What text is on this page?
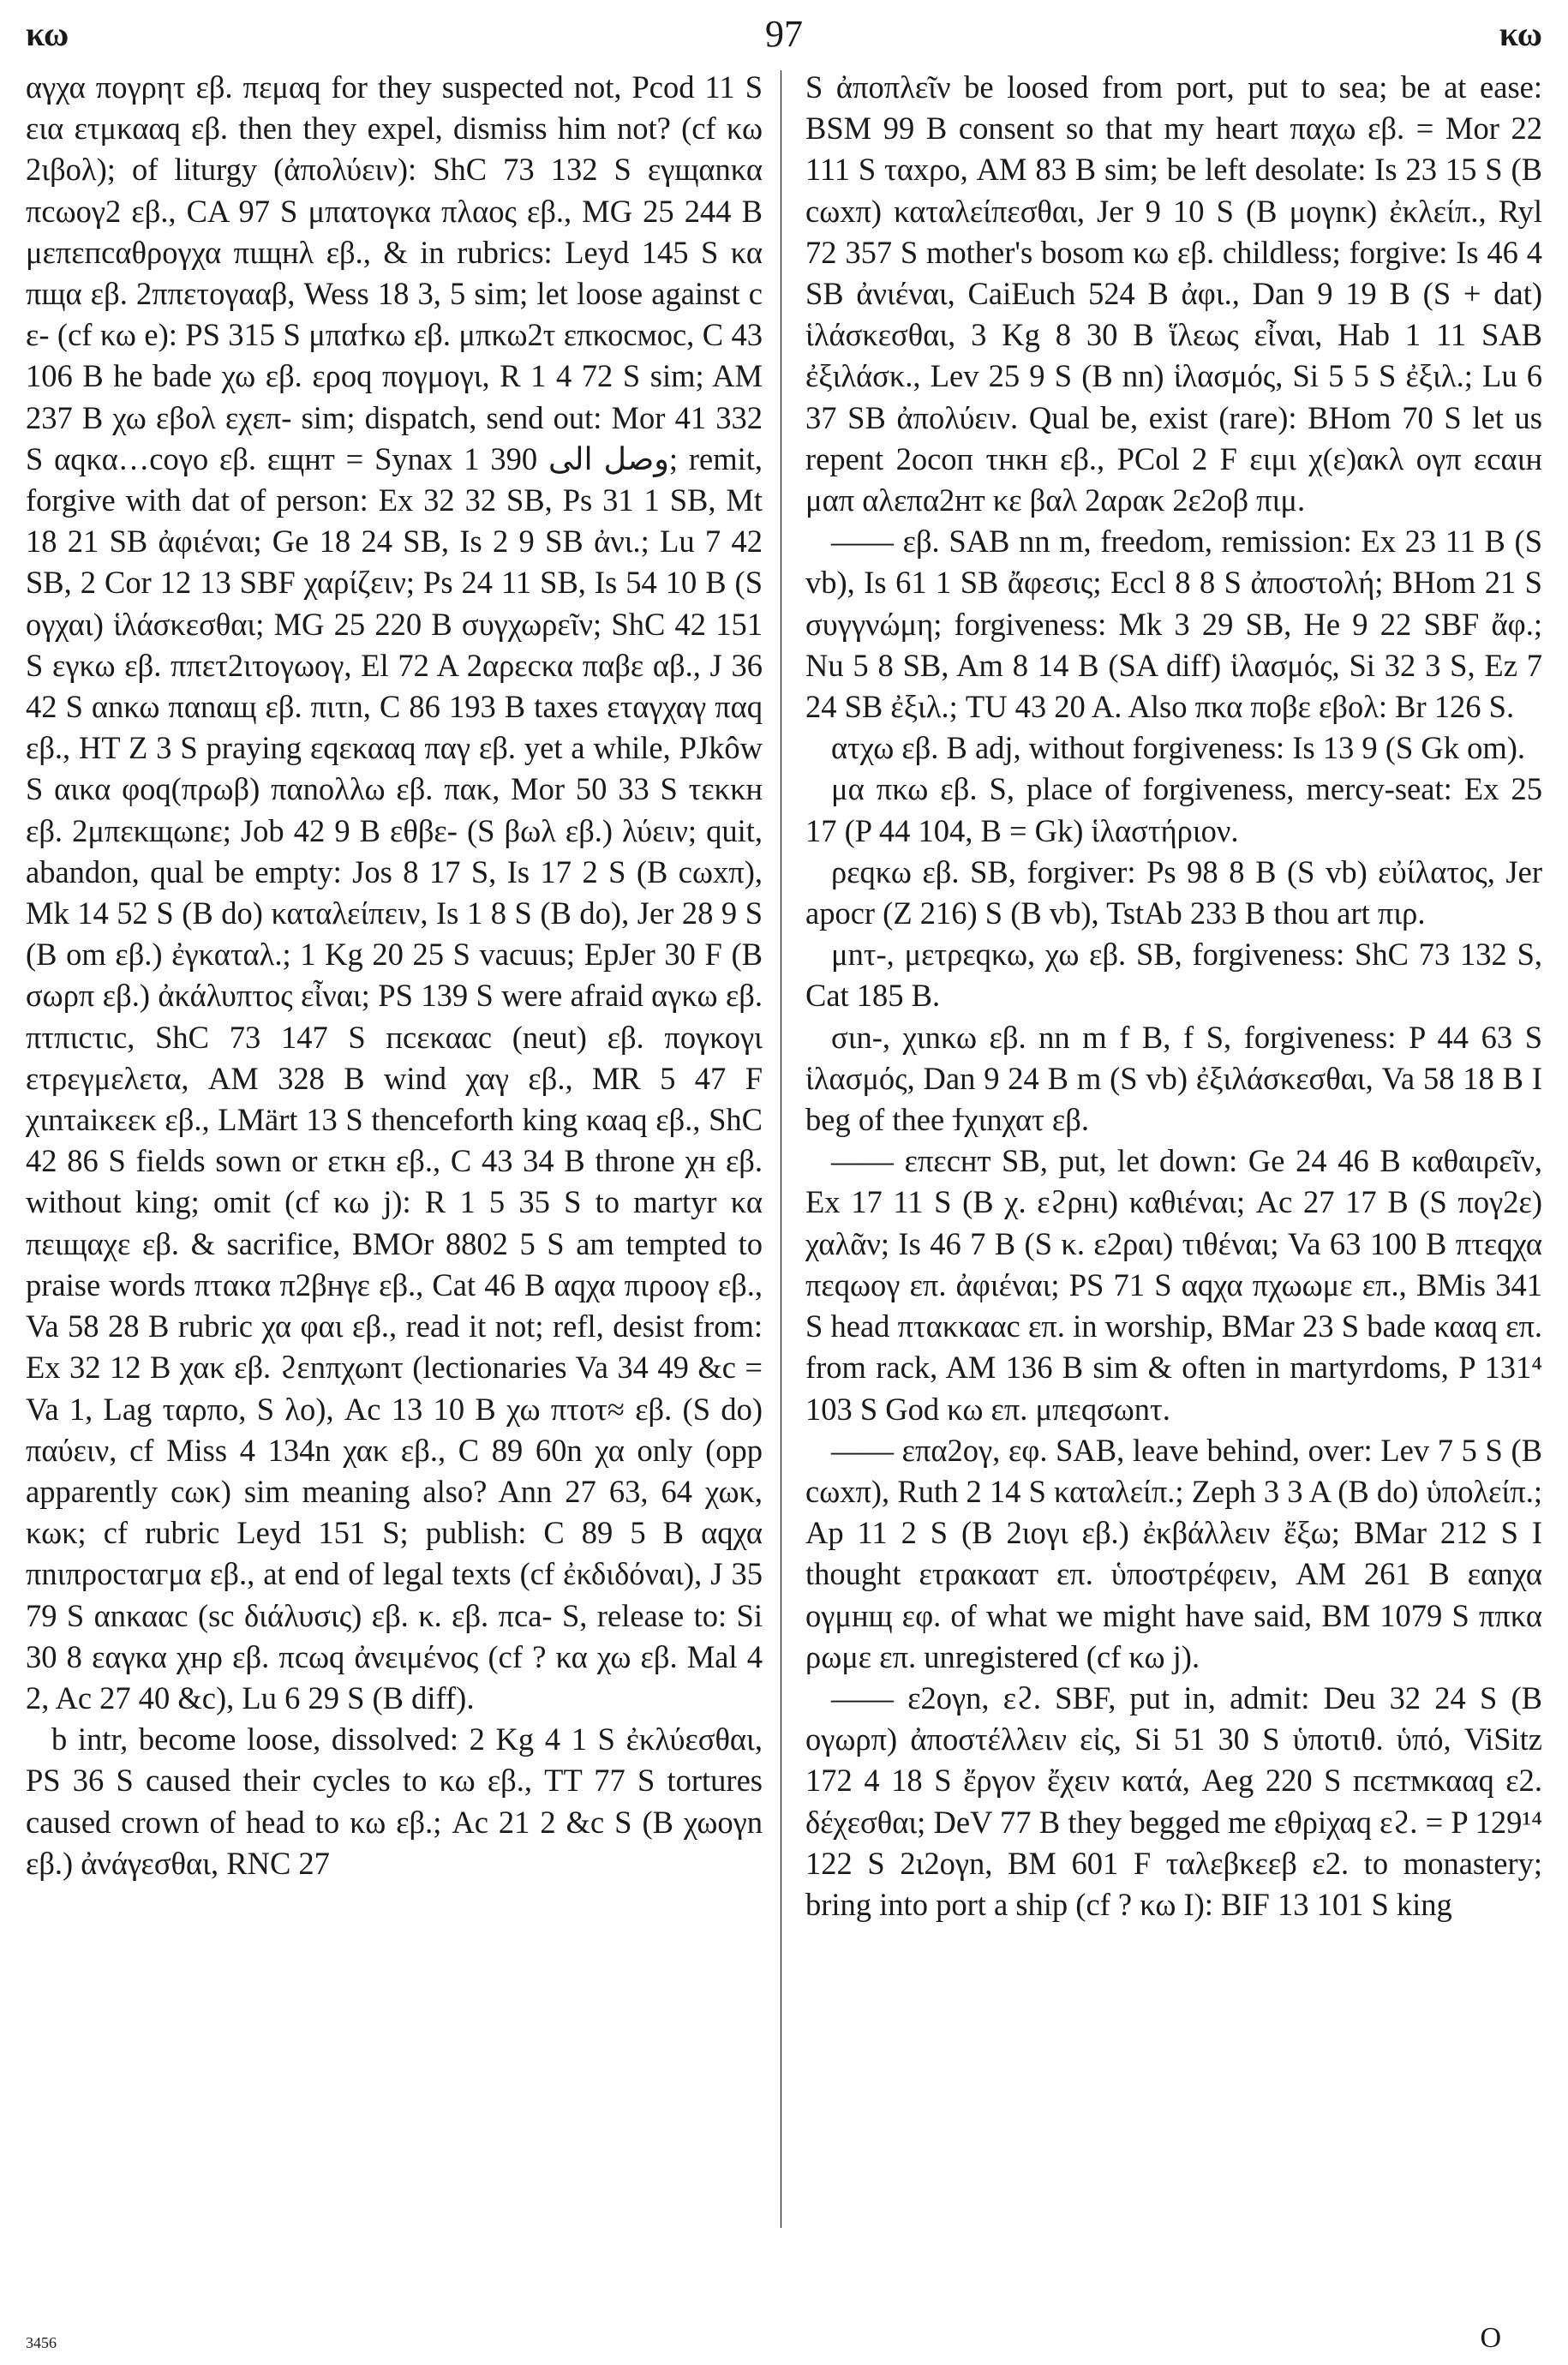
κω	97	κω

αγχα πογρητ εβ. πεμαq for they suspected not, Pcod 11 S εια ετμκααq εβ. then they expel, dismiss him not? (cf κω 2ιβολ); of liturgy (ἀπολύειν): ShC 73 132 S εγщαnκα πcωογ2 εβ., CA 97 S μπατογκα πλαος εβ., MG 25 244 B μεπεпсαθρογχα πιщнλ εβ., & in rubrics: Leyd 145 S κα πщα εβ. 2ππετογααβ, Wess 18 3, 5 sim; let loose against c ε- (cf κω e): PS 315 S μπαϯκω εβ. μπκω2τ επκοсмοc, C 43 106 B he bade χω εβ. εροq πογμογι, R 1 4 72 S sim; AM 237 B χω εβολ εχεπ- sim; dispatch, send out: Mor 41 332 S αqκα…coγo εβ. εщнт = Synax 1 390 وصل الى; remit, forgive with dat of person: Ex 32 32 SB, Ps 31 1 SB, Mt 18 21 SB ἀφιέναι; Ge 18 24 SB, Is 2 9 SB ἀνι.; Lu 7 42 SB, 2 Cor 12 13 SBF χαρίζειν; Ps 24 11 SB, Is 54 10 B (S ογχαι) ἱλάσκεσθαι; MG 25 220 B συγχωρεῖν; ShC 42 151 S εγκω εβ. ππετ2ιτογωογ, El 72 A 2αρεсκα παβε αβ., J 36 42 S αnκω παnαщ εβ. πιτn, C 86 193 B taxes εταγχαγ παq εβ., HT Z 3 S praying εqεκααq παγ εβ. yet a while, PJkôw S αικα φοq(πρωβ) παnολλω εβ. πακ, Mor 50 33 S τεκκн εβ. 2μπεκщωnε; Job 42 9 B εθβε- (S βωλ εβ.) λύειν; quit, abandon, qual be empty: Jos 8 17 S, Is 17 2 S (B cωxπ), Mk 14 52 S (B do) καταλείπειν, Is 1 8 S (B do), Jer 28 9 S (B om εβ.) ἐγκαταλ.; 1 Kg 20 25 S vacuus; EpJer 30 F (B σωρπ εβ.) ἀκάλυπτος εἶναι; PS 139 S were afraid αγκω εβ. πτπιсτιс, ShC 73 147 S псεκααс (neut) εβ. πογκογι ετρεγμελετα, AM 328 B wind χαγ εβ., MR 5 47 F χιnτaiκεεκ εβ., LMärt 13 S thenceforth king καaq εβ., ShC 42 86 S fields sown or ετκн εβ., C 43 34 B throne χн εβ. without king; omit (cf κω j): R 1 5 35 S to martyr κα πειщαχε εβ. & sacrifice, BMOr 8802 5 S am tempted to praise words πτακα π2βнγε εβ., Cat 46 B αqχα πιροογ εβ., Va 58 28 B rubric χα φαι εβ., read it not; refl, desist from: Ex 32 12 B χακ εβ. ϩεnπχωnτ (lectionaries Va 34 49 &c = Va 1, Lag ταρπο, S λο), Ac 13 10 B χω πτοτ≈ εβ. (S do) παύειν, cf Miss 4 134n χακ εβ., C 89 60n χα only (opp apparently cωκ) sim meaning also? Ann 27 63, 64 χωκ, κωκ; cf rubric Leyd 151 S; publish: C 89 5 B αqχα πnιπροсταгμα εβ., at end of legal texts (cf ἐκδιδόναι), J 35 79 S αnκααс (sc διάλυσις) εβ. κ. εβ. πca- S, release to: Si 30 8 εαγκα χнρ εβ. πcωq ἀνειμένος (cf ? κα χω εβ. Mal 4 2, Ac 27 40 &c), Lu 6 29 S (B diff).

b intr, become loose, dissolved: 2 Kg 4 1 S ἐκλύεσθαι, PS 36 S caused their cycles to κω εβ., TT 77 S tortures caused crown of head to κω εβ.; Ac 21 2 &c S (B χωογn εβ.) ἀνάγεσθαι, RNC 27

S ἀποπλεῖν be loosed from port, put to sea; be at ease: BSM 99 B consent so that my heart παχω εβ. = Mor 22 111 S ταxρο, AM 83 B sim; be left desolate: Is 23 15 S (B cωxπ) καταλείπεσθαι, Jer 9 10 S (B μογnκ) ἐκλείπ., Ryl 72 357 S mother's bosom κω εβ. childless; forgive: Is 46 4 SB ἀνιέναι, CaiEuch 524 B ἀφι., Dan 9 19 B (S + dat) ἱλάσκεσθαι, 3 Kg 8 30 B ἵλεως εἶναι, Hab 1 11 SAB ἐξιλάσκ., Lev 25 9 S (B nn) ἱλασμός, Si 5 5 S ἐξιλ.; Lu 6 37 SB ἀπολύειν. Qual be, exist (rare): BHom 70 S let us repent 2οсоп τнκн εβ., PCol 2 F ειμι χ(ε)ακλ ογπ εсαιн μαπ αλεπα2нт κε βαλ 2αρακ 2ε2οβ πιμ.

—— εβ. SAB nn m, freedom, remission: Ex 23 11 B (S vb), Is 61 1 SB ἄφεσις; Eccl 8 8 S ἀποστολή; BHom 21 S συγγνώμη; forgiveness: Mk 3 29 SB, He 9 22 SBF ἄφ.; Nu 5 8 SB, Am 8 14 B (SA diff) ἱλασμός, Si 32 3 S, Ez 7 24 SB ἐξιλ.; TU 43 20 A. Also πκα πoβε εβολ: Br 126 S.

ατχω εβ. B adj, without forgiveness: Is 13 9 (S Gk om).

μα πκω εβ. S, place of forgiveness, mercy-seat: Ex 25 17 (P 44 104, B = Gk) ἱλαστήριον.

ρεqκω εβ. SB, forgiver: Ps 98 8 B (S vb) εὐίλατος, Jer apocr (Z 216) S (B vb), TstAb 233 B thou art πιρ.

μnτ-, μετρεqκω, χω εβ. SB, forgiveness: ShC 73 132 S, Cat 185 B.

σιn-, χιnκω εβ. nn m f B, f S, forgiveness: P 44 63 S ἱλασμός, Dan 9 24 B m (S vb) ἐξιλάσκεσθαι, Va 58 18 B I beg of thee ϯχιnχατ εβ.

—— επεснт SB, put, let down: Ge 24 46 B καθαιρεῖν, Ex 17 11 S (B χ. εϩρнι) καθιέναι; Ac 27 17 B (S πογ2ε) χαλᾶν; Is 46 7 B (S κ. ε2ραι) τιθέναι; Va 63 100 B πτεqχα πεqωογ επ. ἀφιέναι; PS 71 S αqχα πχωωμε επ., BMis 341 S head πτακκααс επ. in worship, BMar 23 S bade κααq επ. from rack, AM 136 B sim & often in martyrdoms, P 131⁴ 103 S God κω επ. μπεqσωnτ.

—— επα2ογ, εφ. SAB, leave behind, over: Lev 7 5 S (B cωxπ), Ruth 2 14 S καταλείπ.; Zeph 3 3 A (B do) ὑπολείπ.; Ap 11 2 S (B 2ιογι εβ.) ἐκβάλλειν ἔξω; BMar 212 S I thought ετρακααт επ. ὑποστρέφειν, AM 261 B εαnχα ογμнщ εφ. of what we might have said, BM 1079 S ππκα ρωμε επ. unregistered (cf κω j).

—— ε2ογn, εϩ. SBF, put in, admit: Deu 32 24 S (B ογωρπ) ἀποστέλλειν εἰς, Si 51 30 S ὑποτιθ. ὑπό, ViSitz 172 4 18 S ἔργον ἔχειν κατά, Aeg 220 S псεтмκααq ε2. δέχεσθαι; DeV 77 B they begged me εθρiχαq εϩ. = P 129¹⁴ 122 S 2ι2ογn, BM 601 F ταλεβκεεβ ε2. to monastery; bring into port a ship (cf ? κω I): BIF 13 101 S king

3456	O
